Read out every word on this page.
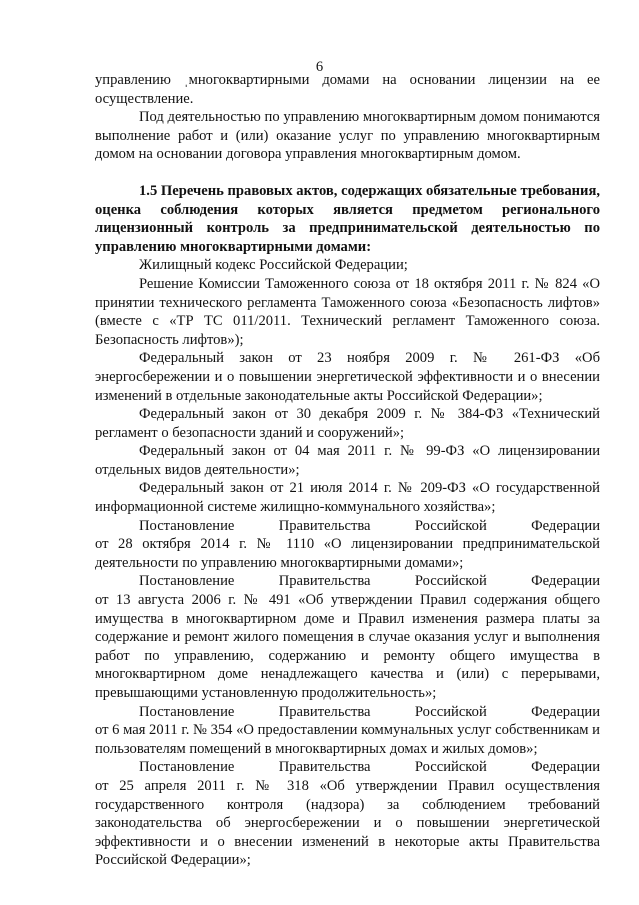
6

управлению ˌмногоквартирными домами на основании лицензии на ее осуществление.

Под деятельностью по управлению многоквартирным домом понимаются выполнение работ и (или) оказание услуг по управлению многоквартирным домом на основании договора управления многоквартирным домом.

1.5 Перечень правовых актов, содержащих обязательные требования, оценка соблюдения которых является предметом регионального лицензионный контроль за предпринимательской деятельностью по управлению многоквартирными домами:

Жилищный кодекс Российской Федерации;

Решение Комиссии Таможенного союза от 18 октября 2011 г. № 824 «О принятии технического регламента Таможенного союза «Безопасность лифтов» (вместе с «ТР ТС 011/2011. Технический регламент Таможенного союза. Безопасность лифтов»);

Федеральный закон от 23 ноября 2009 г. № 261-ФЗ «Об энергосбережении и о повышении энергетической эффективности и о внесении изменений в отдельные законодательные акты Российской Федерации»;

Федеральный закон от 30 декабря 2009 г. № 384-ФЗ «Технический регламент о безопасности зданий и сооружений»;

Федеральный закон от 04 мая 2011 г. № 99-ФЗ «О лицензировании отдельных видов деятельности»;

Федеральный закон от 21 июля 2014 г. № 209-ФЗ «О государственной информационной системе жилищно-коммунального хозяйства»;

Постановление	Правительства	Российской	Федерации

от 28 октября 2014 г. № 1110 «О лицензировании предпринимательской деятельности по управлению многоквартирными домами»;

Постановление	Правительства	Российской	Федерации

от 13 августа 2006 г. № 491 «Об утверждении Правил содержания общего имущества в многоквартирном доме и Правил изменения размера платы за содержание и ремонт жилого помещения в случае оказания услуг и выполнения работ по управлению, содержанию и ремонту общего имущества в многоквартирном доме ненадлежащего качества и (или) с перерывами, превышающими установленную продолжительность»;

Постановление	Правительства	Российской	Федерации

от 6 мая 2011 г. № 354 «О предоставлении коммунальных услуг собственникам и пользователям помещений в многоквартирных домах и жилых домов»;

Постановление	Правительства	Российской	Федерации

от 25 апреля 2011 г. № 318 «Об утверждении Правил осуществления государственного контроля (надзора) за соблюдением требований законодательства об энергосбережении и о повышении энергетической эффективности и о внесении изменений в некоторые акты Правительства Российской Федерации»;
